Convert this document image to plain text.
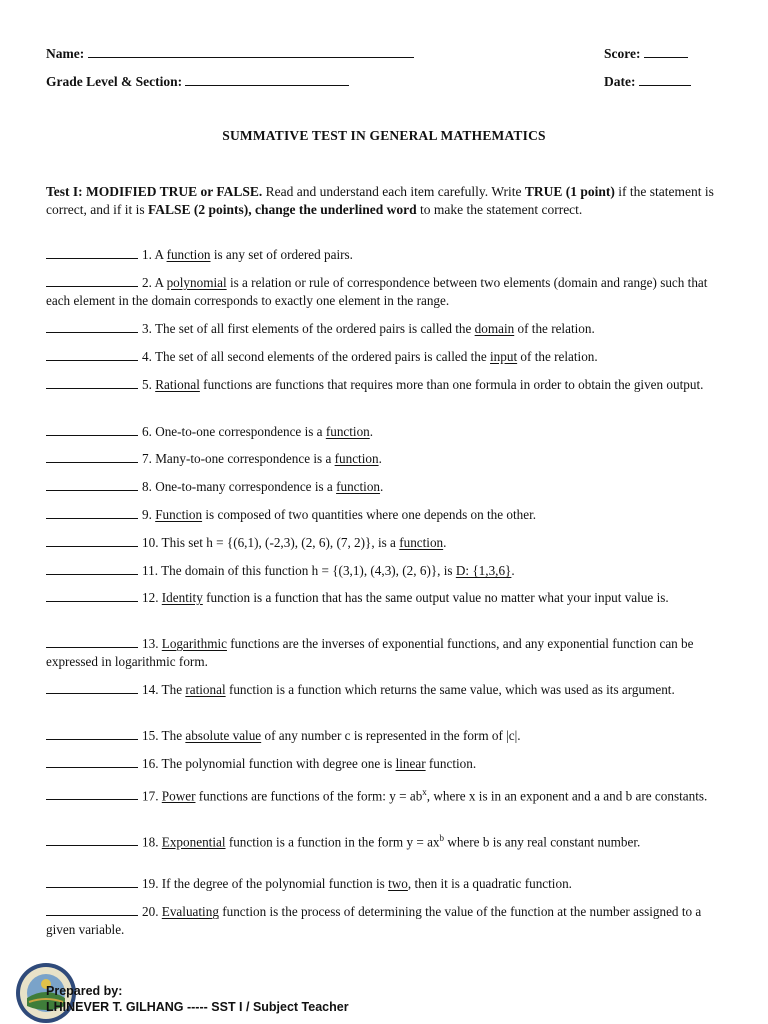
Name:	Score:
Grade Level & Section:	Date:
SUMMATIVE TEST IN GENERAL MATHEMATICS
Test I: MODIFIED TRUE or FALSE. Read and understand each item carefully. Write TRUE (1 point) if the statement is correct, and if it is FALSE (2 points), change the underlined word to make the statement correct.
1. A function is any set of ordered pairs.
2. A polynomial is a relation or rule of correspondence between two elements (domain and range) such that each element in the domain corresponds to exactly one element in the range.
3. The set of all first elements of the ordered pairs is called the domain of the relation.
4. The set of all second elements of the ordered pairs is called the input of the relation.
5. Rational functions are functions that requires more than one formula in order to obtain the given output.
6. One-to-one correspondence is a function.
7. Many-to-one correspondence is a function.
8. One-to-many correspondence is a function.
9. Function is composed of two quantities where one depends on the other.
10. This set h = {(6,1), (-2,3), (2, 6), (7, 2)}, is a function.
11. The domain of this function h = {(3,1), (4,3), (2, 6)}, is D: {1,3,6}.
12. Identity function is a function that has the same output value no matter what your input value is.
13. Logarithmic functions are the inverses of exponential functions, and any exponential function can be expressed in logarithmic form.
14. The rational function is a function which returns the same value, which was used as its argument.
15. The absolute value of any number c is represented in the form of |c|.
16. The polynomial function with degree one is linear function.
17. Power functions are functions of the form: $y = ab^x$, where x is in an exponent and a and b are constants.
18. Exponential function is a function in the form $y = ax^b$ where b is any real constant number.
19. If the degree of the polynomial function is two, then it is a quadratic function.
20. Evaluating function is the process of determining the value of the function at the number assigned to a given variable.
Prepared by:
LHINEVER T. GILHANG ----- SST I / Subject Teacher
